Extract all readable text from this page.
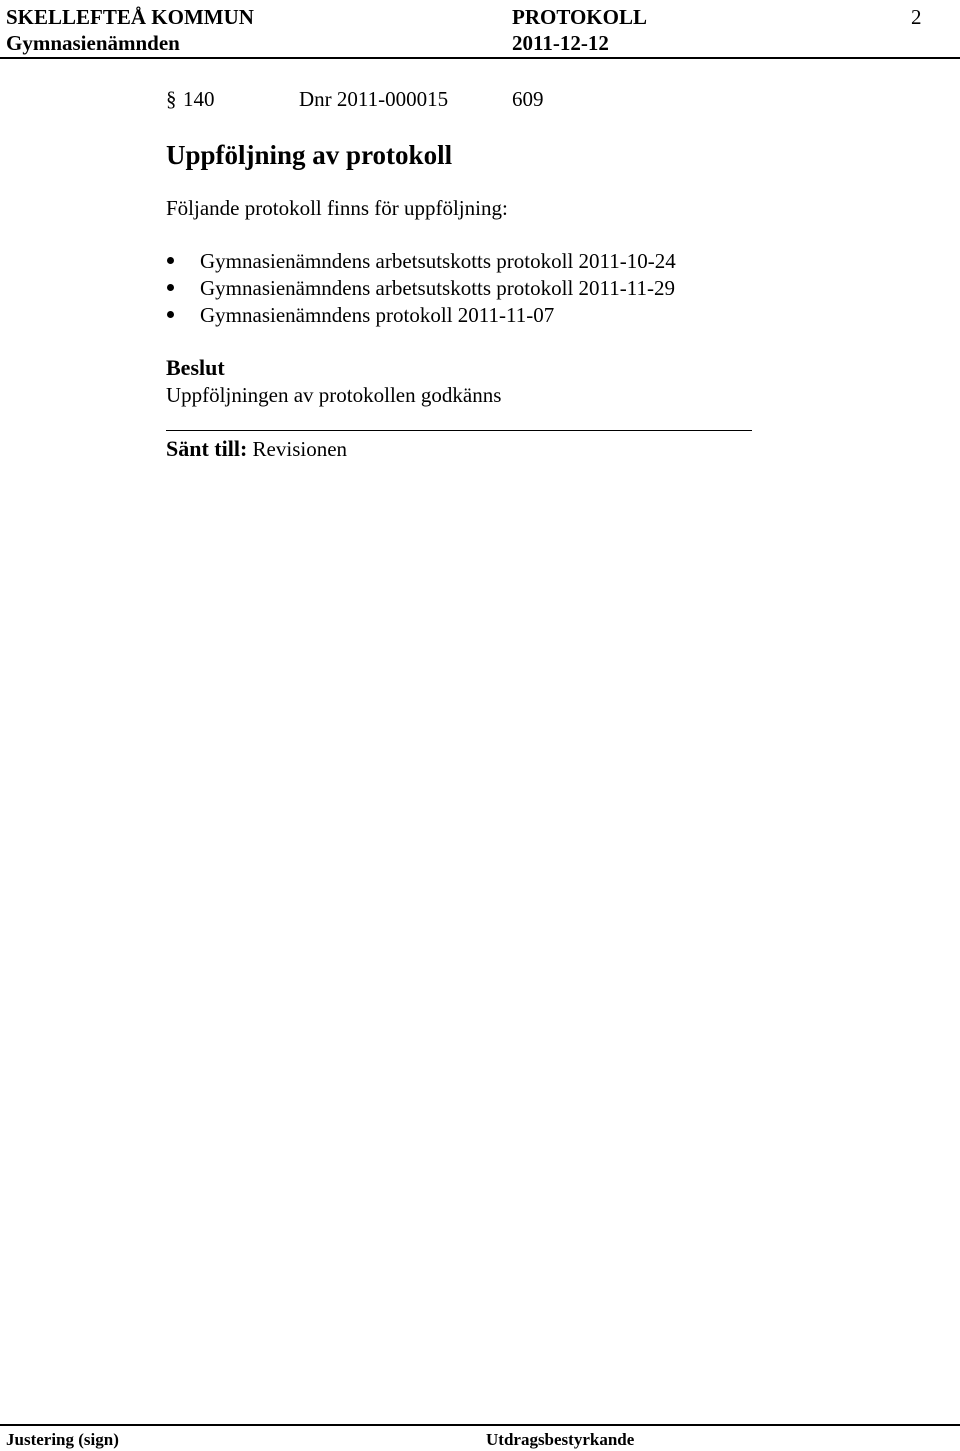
SKELLEFTEÅ KOMMUN	PROTOKOLL	2
Gymnasienämnden	2011-12-12
§ 140	Dnr 2011-000015	609
Uppföljning av protokoll
Följande protokoll finns för uppföljning:
Gymnasienämndens arbetsutskotts protokoll 2011-10-24
Gymnasienämndens arbetsutskotts protokoll 2011-11-29
Gymnasienämndens protokoll 2011-11-07
Beslut
Uppföljningen av protokollen godkänns
Sänt till: Revisionen
Justering (sign)	Utdragsbestyrkande
